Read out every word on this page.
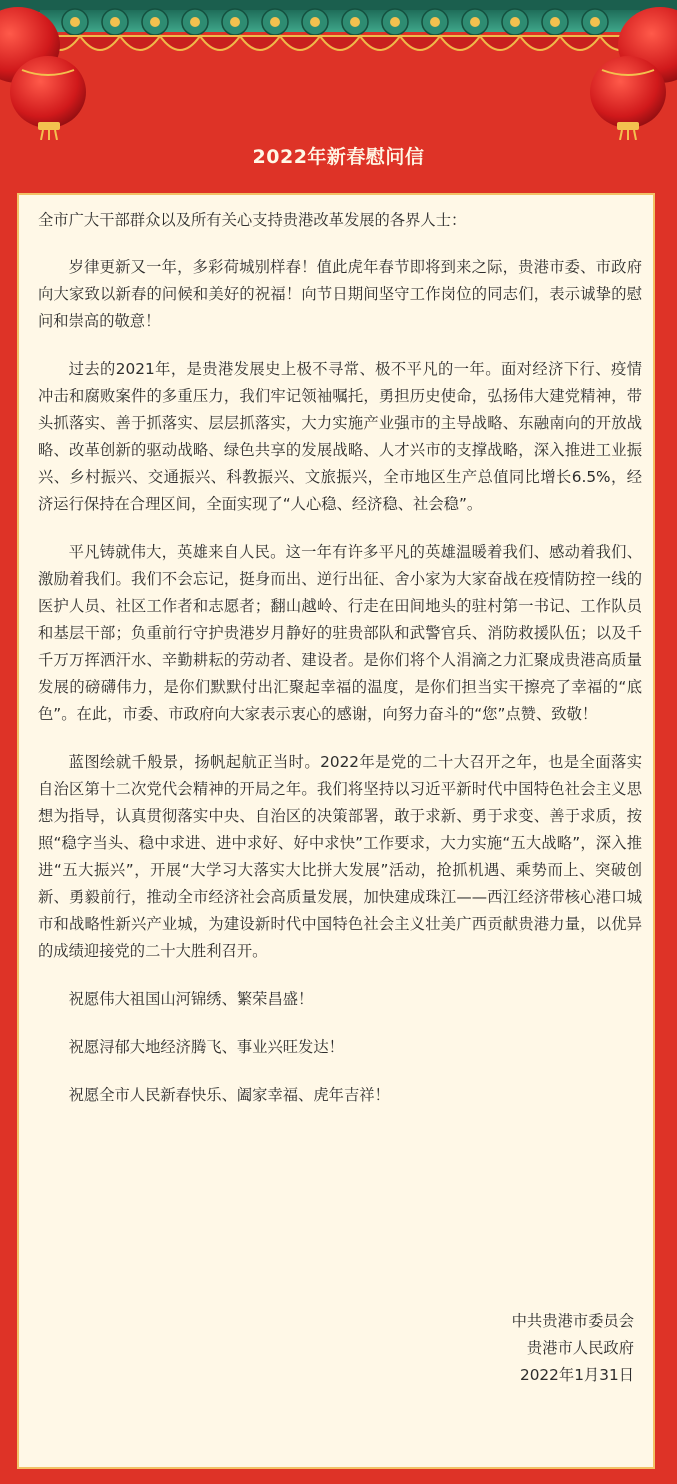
2022年新春慰问信

全市广大干部群众以及所有关心支持贵港改革发展的各界人士：

岁律更新又一年，多彩荷城别样春！值此虎年春节即将到来之际，贵港市委、市政府向大家致以新春的问候和美好的祝福！向节日期间坚守工作岗位的同志们，表示诚挚的慰问和崇高的敬意！

过去的2021年，是贵港发展史上极不寻常、极不平凡的一年。面对经济下行、疫情冲击和腐败案件的多重压力，我们牢记领袖嘱托，勇担历史使命，弘扬伟大建党精神，带头抓落实、善于抓落实、层层抓落实，大力实施产业强市的主导战略、东融南向的开放战略、改革创新的驱动战略、绿色共享的发展战略、人才兴市的支撑战略，深入推进工业振兴、乡村振兴、交通振兴、科教振兴、文旅振兴，全市地区生产总值同比增长6.5%，经济运行保持在合理区间，全面实现了“人心稳、经济稳、社会稳”。

平凡铸就伟大，英雄来自人民。这一年有许多平凡的英雄温暖着我们、感动着我们、激励着我们。我们不会忘记，挺身而出、逆行出征、舍小家为大家奋战在疫情防控一线的医护人员、社区工作者和志愿者；翻山越岭、行走在田间地头的驻村第一书记、工作队员和基层干部；负重前行守护贵港岁月静好的驻贵部队和武警官兵、消防救援队伍；以及千千万万挥洒汗水、辛勤耕耘的劳动者、建设者。是你们将个人涓滴之力汇聚成贵港高质量发展的磅礴伟力，是你们默默付出汇聚起幸福的温度，是你们担当实干擦亮了幸福的“底色”。在此，市委、市政府向大家表示衷心的感谢，向努力奋斗的“您”点赞、致敬！

蓝图绘就千般景，扬帆起航正当时。2022年是党的二十大召开之年，也是全面落实自治区第十二次党代会精神的开局之年。我们将坚持以习近平新时代中国特色社会主义思想为指导，认真贯彻落实中央、自治区的决策部署，敢于求新、勇于求变、善于求质，按照“稳字当头、稳中求进、进中求好、好中求快”工作要求，大力实施“五大战略”，深入推进“五大振兴”，开展“大学习大落实大比拼大发展”活动，抢抓机遇、乘势而上、突破创新、勇毅前行，推动全市经济社会高质量发展，加快建成珠江——西江经济带核心港口城市和战略性新兴产业城，为建设新时代中国特色社会主义壮美广西贡献贵港力量，以优异的成绩迎接党的二十大胜利召开。

祝愿伟大祖国山河锦绣、繁荣昌盛！

祝愿浔郁大地经济腾飞、事业兴旺发达！

祝愿全市人民新春快乐、阖家幸福、虎年吉祥！

中共贵港市委员会
贵港市人民政府
2022年1月31日
